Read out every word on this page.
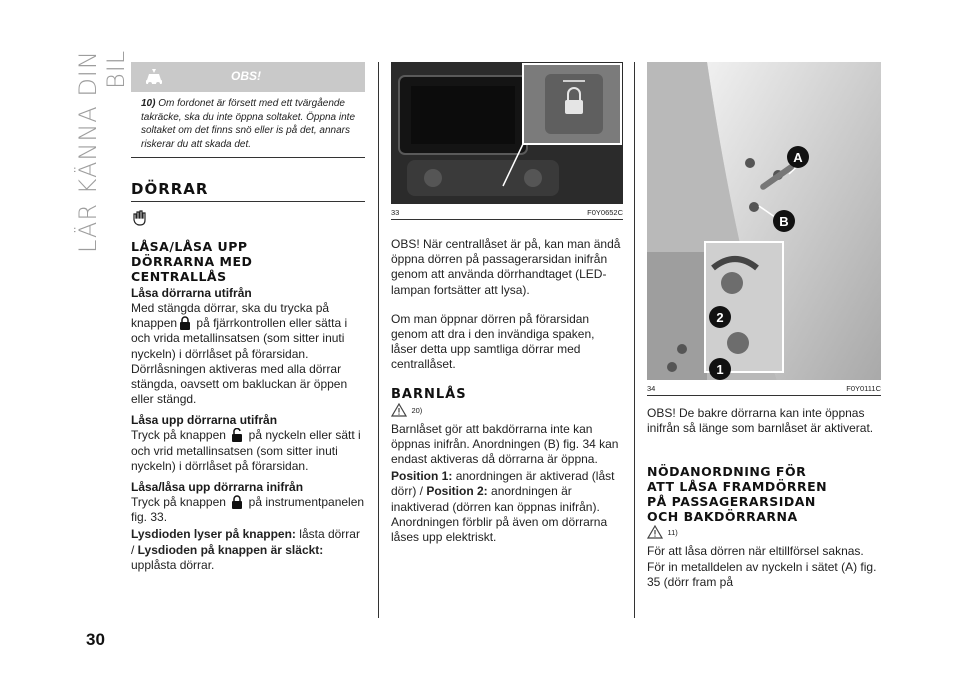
LÄR KÄNNA DIN BIL
30
OBS!

10) Om fordonet är försett med ett tvärgående takräcke, ska du inte öppna soltaket. Öppna inte soltaket om det finns snö eller is på det, annars riskerar du att skada det.

DÖRRAR
LÅSA/LÅSA UPP
DÖRRARNA MED
CENTRALLÅS
Låsa dörrarna utifrån

Med stängda dörrar, ska du trycka på
knappen på fjärrkontrollen eller sätta i och vrida metallinsatsen (som sitter inuti nyckeln) i dörrlåset på förarsidan. Dörrlåsningen aktiveras med alla dörrar stängda, oavsett om bakluckan är öppen eller stängd.

Låsa upp dörrarna utifrån

Tryck på knappen på nyckeln eller sätt i och vrid metallinsatsen (som sitter inuti nyckeln) i dörrlåset på förarsidan.

Låsa/låsa upp dörrarna inifrån

Tryck på knappen på instrumentpanelen fig. 33.

Lysdioden lyser på knappen: låsta dörrar / Lysdioden på knappen är släckt: upplåsta dörrar.

33	F0Y0652C

OBS! När centrallåset är på, kan man ändå öppna dörren på passagerarsidan inifrån genom att använda dörrhandtaget (LED-lampan fortsätter att lysa).

Om man öppnar dörren på förarsidan genom att dra i den invändiga spaken, låser detta upp samtliga dörrar med centrallåset.

BARNLÅS
20)

Barnlåset gör att bakdörrarna inte kan öppnas inifrån. Anordningen (B) fig. 34 kan endast aktiveras då dörrarna är öppna.

Position 1: anordningen är aktiverad (låst dörr) / Position 2: anordningen är inaktiverad (dörren kan öppnas inifrån). Anordningen förblir på även om dörrarna låses upp elektriskt.

A
B
2
1
34	F0Y0111C

OBS! De bakre dörrarna kan inte öppnas inifrån så länge som barnlåset är aktiverat.

NÖDANORDNING FÖR
ATT LÅSA FRAMDÖRREN
PÅ PASSAGERARSIDAN
OCH BAKDÖRRARNA
11)

För att låsa dörren när eltillförsel saknas. För in metalldelen av nyckeln i sätet (A) fig. 35 (dörr fram på
